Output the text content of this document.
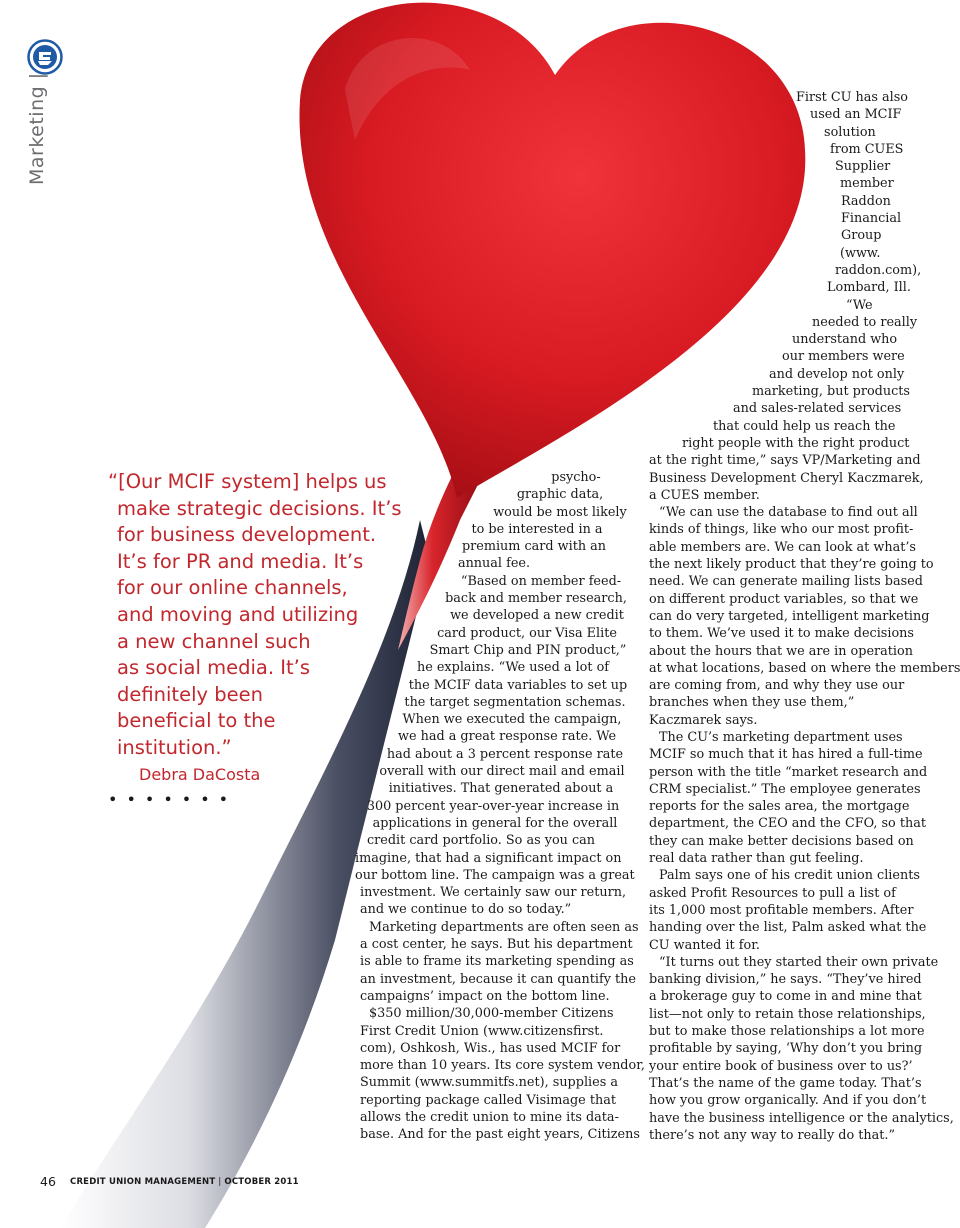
Marketing |
“[Our MCIF system] helps us
make strategic decisions. It’s
for business development.
It’s for PR and media. It’s
for our online channels,
and moving and utilizing
a new channel such
as social media. It’s
definitely been
beneficial to the
institution.”
Debra DaCosta
•••••••
psycho-
graphic data,
would be most likely
to be interested in a
premium card with an
annual fee.
“Based on member feed-
back and member research,
we developed a new credit
card product, our Visa Elite
Smart Chip and PIN product,”
he explains. “We used a lot of
the MCIF data variables to set up
the target segmentation schemas.
When we executed the campaign,
we had a great response rate. We
had about a 3 percent response rate
overall with our direct mail and email
initiatives. That generated about a
300 percent year-over-year increase in
applications in general for the overall
credit card portfolio. So as you can
imagine, that had a significant impact on
our bottom line. The campaign was a great
investment. We certainly saw our return,
and we continue to do so today.”
Marketing departments are often seen as
a cost center, he says. But his department
is able to frame its marketing spending as
an investment, because it can quantify the
campaigns’ impact on the bottom line.
$350 million/30,000-member Citizens
First Credit Union (www.citizensfirst.
com), Oshkosh, Wis., has used MCIF for
more than 10 years. Its core system vendor,
Summit (www.summitfs.net), supplies a
reporting package called Visimage that
allows the credit union to mine its data-
base. And for the past eight years, Citizens
First CU has also
used an MCIF
solution
from CUES
Supplier
member
Raddon
Financial
Group
(www.
raddon.com),
Lombard, Ill.
“We
needed to really
understand who
our members were
and develop not only
marketing, but products
and sales-related services
that could help us reach the
right people with the right product
at the right time,” says VP/Marketing and
Business Development Cheryl Kaczmarek,
a CUES member.
“We can use the database to find out all
kinds of things, like who our most profit-
able members are. We can look at what’s
the next likely product that they’re going to
need. We can generate mailing lists based
on different product variables, so that we
can do very targeted, intelligent marketing
to them. We’ve used it to make decisions
about the hours that we are in operation
at what locations, based on where the members
are coming from, and why they use our
branches when they use them,”
Kaczmarek says.
The CU’s marketing department uses
MCIF so much that it has hired a full-time
person with the title “market research and
CRM specialist.” The employee generates
reports for the sales area, the mortgage
department, the CEO and the CFO, so that
they can make better decisions based on
real data rather than gut feeling.
Palm says one of his credit union clients
asked Profit Resources to pull a list of
its 1,000 most profitable members. After
handing over the list, Palm asked what the
CU wanted it for.
“It turns out they started their own private
banking division,” he says. “They’ve hired
a brokerage guy to come in and mine that
list—not only to retain those relationships,
but to make those relationships a lot more
profitable by saying, ‘Why don’t you bring
your entire book of business over to us?’
That’s the name of the game today. That’s
how you grow organically. And if you don’t
have the business intelligence or the analytics,
there’s not any way to really do that.”
46 CREDIT UNION MANAGEMENT | OCTOBER 2011
